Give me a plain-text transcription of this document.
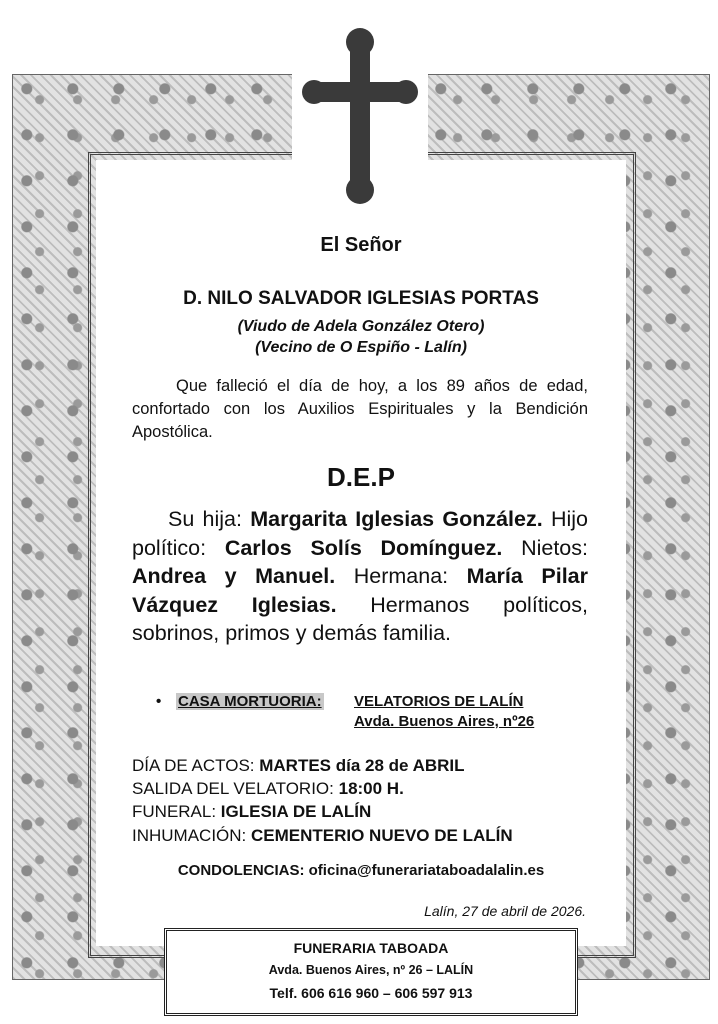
El Señor
D. NILO SALVADOR IGLESIAS PORTAS
(Viudo de Adela González Otero)
(Vecino de O Espiño - Lalín)
Que falleció el día de hoy, a los 89 años de edad, confortado con los Auxilios Espirituales y la Bendición Apostólica.
D.E.P
Su hija: Margarita Iglesias González. Hijo político: Carlos Solís Domínguez. Nietos: Andrea y Manuel. Hermana: María Pilar Vázquez Iglesias. Hermanos políticos, sobrinos, primos y demás familia.
• CASA MORTUORIA: VELATORIOS DE LALÍN
Avda. Buenos Aires, nº26
DÍA DE ACTOS: MARTES día 28 de ABRIL
SALIDA DEL VELATORIO: 18:00 H.
FUNERAL: IGLESIA DE LALÍN
INHUMACIÓN: CEMENTERIO NUEVO DE LALÍN
CONDOLENCIAS: oficina@funerariataboadalalin.es
Lalín, 27 de abril de 2026.
FUNERARIA TABOADA
Avda. Buenos Aires, nº 26 – LALÍN
Telf. 606 616 960 – 606 597 913
